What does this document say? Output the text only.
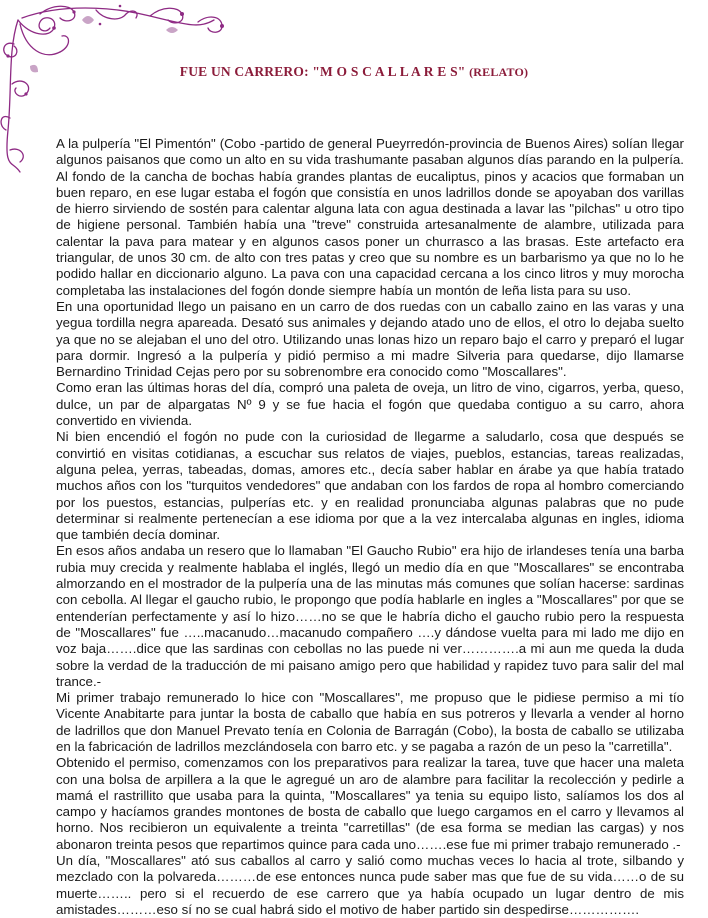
FUE UN CARRERO: "M O S C A L L A R E S" (RELATO)

A la pulpería "El Pimentón" (Cobo -partido de general Pueyrredón-provincia de Buenos Aires) solían llegar algunos paisanos que como un alto en su vida trashumante pasaban algunos días parando en la pulpería. Al fondo de la cancha de bochas había grandes plantas de eucaliptus, pinos y acacios que formaban un buen reparo, en ese lugar estaba el fogón que consistía en unos ladrillos donde se apoyaban dos varillas de hierro sirviendo de sostén para calentar alguna lata con agua destinada a lavar las "pilchas" u otro tipo de higiene personal. También había una "treve" construida artesanalmente de alambre, utilizada para calentar la pava para matear y en algunos casos poner un churrasco a las brasas. Este artefacto era triangular, de unos 30 cm. de alto con tres patas y creo que su nombre es un barbarismo ya que no lo he podido hallar en diccionario alguno. La pava con una capacidad cercana a los cinco litros y muy morocha completaba las instalaciones del fogón donde siempre había un montón de leña lista para su uso.

En una oportunidad llego un paisano en un carro de dos ruedas con un caballo zaino en las varas y una yegua tordilla negra apareada. Desató sus animales y dejando atado uno de ellos, el otro lo dejaba suelto ya que no se alejaban el uno del otro. Utilizando unas lonas hizo un reparo bajo el carro y preparó el lugar para dormir. Ingresó a la pulpería y pidió permiso a mi madre Silveria para quedarse, dijo llamarse Bernardino Trinidad Cejas pero por su sobrenombre era conocido como "Moscallares".

Como eran las últimas horas del día, compró una paleta de oveja, un litro de vino, cigarros, yerba, queso, dulce, un par de alpargatas Nº 9 y se fue hacia el fogón que quedaba contiguo a su carro, ahora convertido en vivienda.

Ni bien encendió el fogón no pude con la curiosidad de llegarme a saludarlo, cosa que después se convirtió en visitas cotidianas, a escuchar sus relatos de viajes, pueblos, estancias, tareas realizadas, alguna pelea, yerras, tabeadas, domas, amores etc., decía saber hablar en árabe ya que había tratado muchos años con los "turquitos vendedores" que andaban con los fardos de ropa al hombro comerciando por los puestos, estancias, pulperías etc. y en realidad pronunciaba algunas palabras que no pude determinar si realmente pertenecían a ese idioma por que a la vez intercalaba algunas en ingles, idioma que también decía dominar.

En esos años andaba un resero que lo llamaban "El Gaucho Rubio" era hijo de irlandeses tenía una barba rubia muy crecida y realmente hablaba el inglés, llegó un medio día en que "Moscallares" se encontraba almorzando en el mostrador de la pulpería una de las minutas más comunes que solían hacerse: sardinas con cebolla. Al llegar el gaucho rubio, le propongo que podía hablarle en ingles a "Moscallares" por que se entenderían perfectamente y así lo hizo……no se que le habría dicho el gaucho rubio pero la respuesta de "Moscallares" fue …..macanudo…macanudo compañero ….y dándose vuelta para mi lado me dijo en voz baja…….dice que las sardinas con cebollas no las puede ni ver………….a mi aun me queda la duda sobre la verdad de la traducción de mi paisano amigo pero que habilidad y rapidez tuvo para salir del mal trance.-

Mi primer trabajo remunerado lo hice con "Moscallares", me propuso que le pidiese permiso a mi tío Vicente Anabitarte para juntar la bosta de caballo que había en sus potreros y llevarla a vender al horno de ladrillos que don Manuel Prevato tenía en Colonia de Barragán (Cobo), la bosta de caballo se utilizaba en la fabricación de ladrillos mezclándosela con barro etc. y se pagaba a razón de un peso la "carretilla".

Obtenido el permiso, comenzamos con los preparativos para realizar la tarea, tuve que hacer una maleta con una bolsa de arpillera a la que le agregué un aro de alambre para facilitar la recolección y pedirle a mamá el rastrillito que usaba para la quinta, "Moscallares" ya tenia su equipo listo, salíamos los dos al campo y hacíamos grandes montones de bosta de caballo que luego cargamos en el carro y llevamos al horno. Nos recibieron un equivalente a treinta "carretillas" (de esa forma se median las cargas) y nos abonaron treinta pesos que repartimos quince para cada uno…….ese fue mi primer trabajo remunerado .-

Un día, "Moscallares" ató sus caballos al carro y salió como muchas veces lo hacia al trote, silbando y mezclado con la polvareda………de ese entonces nunca pude saber mas que fue de su vida……o de su muerte…….. pero si el recuerdo de ese carrero que ya había ocupado un lugar dentro de mis amistades………eso sí no se cual habrá sido el motivo de haber partido sin despedirse…………….
